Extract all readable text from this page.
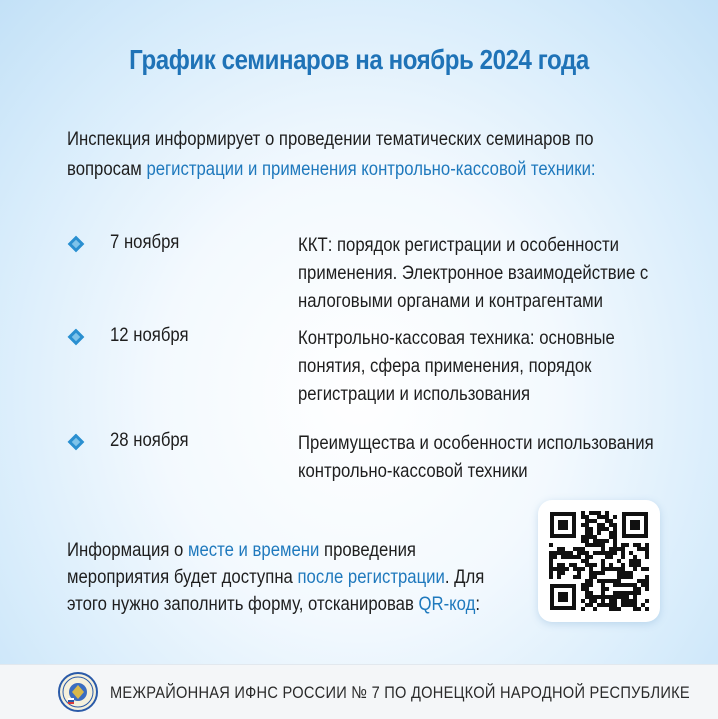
График семинаров на ноябрь 2024 года
Инспекция информирует о проведении тематических семинаров по вопросам регистрации и применения контрольно-кассовой техники:
7 ноября	ККТ: порядок регистрации и особенности применения. Электронное взаимодействие с налоговыми органами и контрагентами
12 ноября	Контрольно-кассовая техника: основные понятия, сфера применения, порядок регистрации и использования
28 ноября	Преимущества и особенности использования контрольно-кассовой техники
Информация о месте и времени проведения мероприятия будет доступна после регистрации. Для этого нужно заполнить форму, отсканировав QR-код:
МЕЖРАЙОННАЯ ИФНС РОССИИ № 7 ПО ДОНЕЦКОЙ НАРОДНОЙ РЕСПУБЛИКЕ
